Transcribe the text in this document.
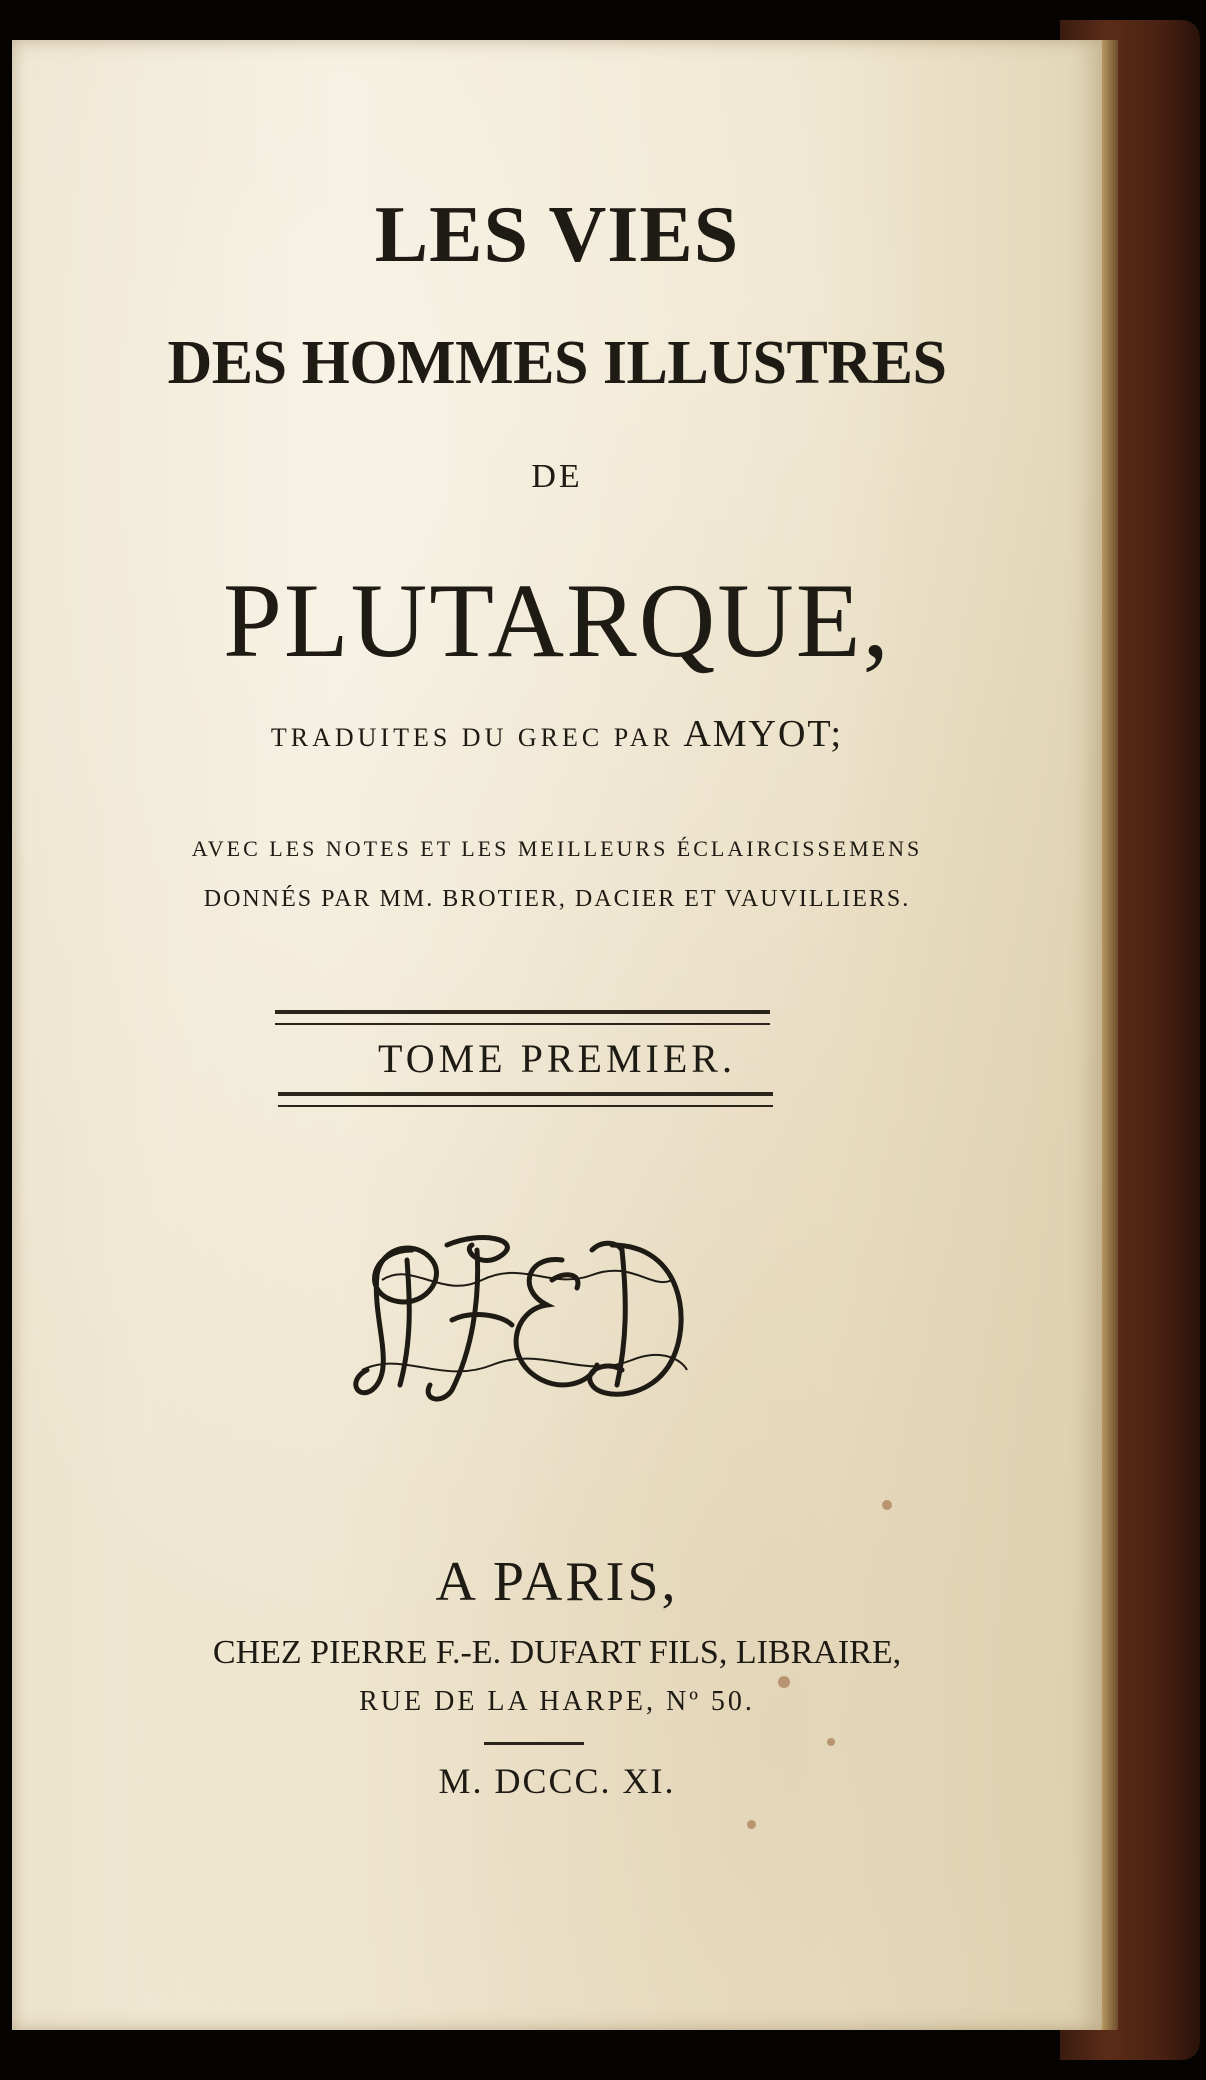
LES VIES
DES HOMMES ILLUSTRES
DE
PLUTARQUE,
TRADUITES DU GREC PAR AMYOT;
AVEC LES NOTES ET LES MEILLEURS ÉCLAIRCISSEMENS
DONNÉS PAR MM. BROTIER, DACIER ET VAUVILLIERS.
TOME PREMIER.
A PARIS,
CHEZ PIERRE F.-E. DUFART FILS, LIBRAIRE,
RUE DE LA HARPE, Nº 50.
M. DCCC. XI.
